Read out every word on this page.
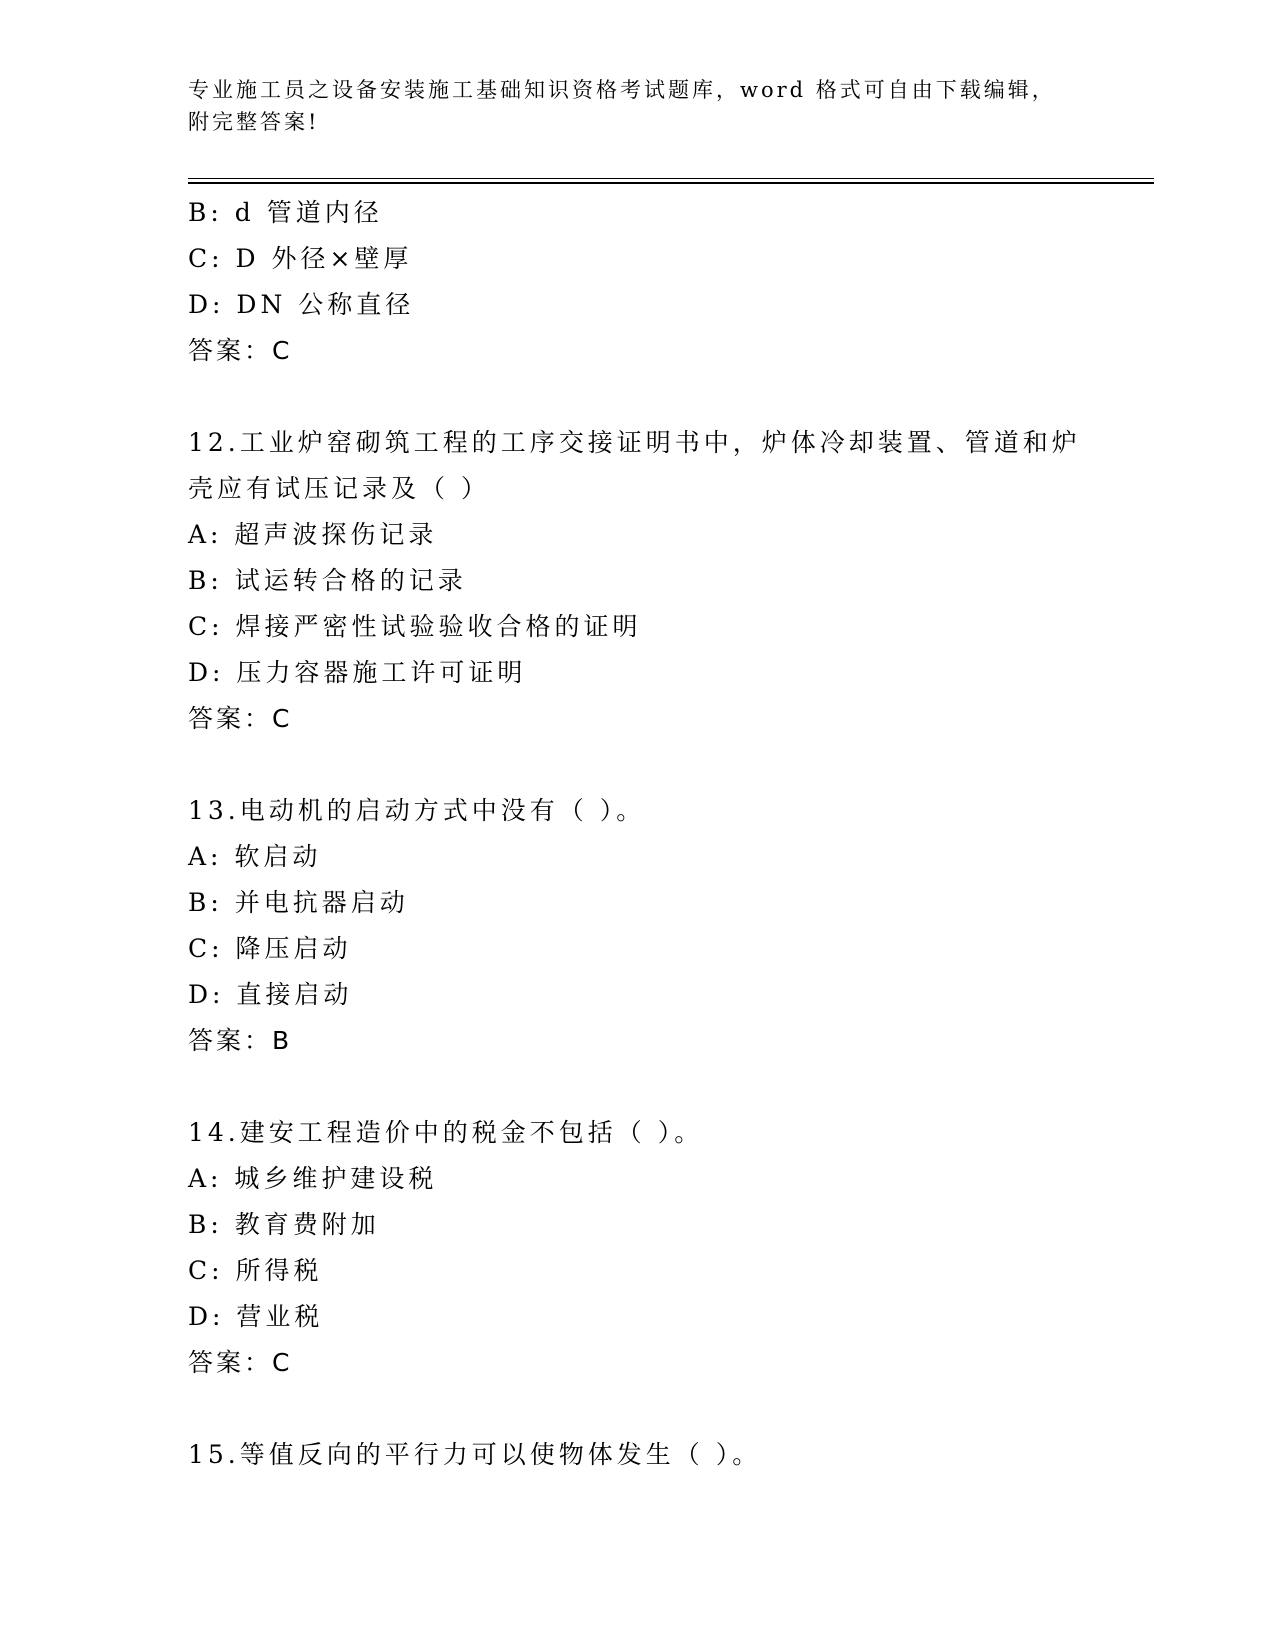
专业施工员之设备安装施工基础知识资格考试题库，word 格式可自由下载编辑，
附完整答案!

B: d 管道内径

C: D 外径×壁厚

D: DN 公称直径

答案：C

12.工业炉窑砌筑工程的工序交接证明书中，炉体冷却装置、管道和炉

壳应有试压记录及（ ）

A: 超声波探伤记录

B: 试运转合格的记录

C: 焊接严密性试验验收合格的证明

D: 压力容器施工许可证明

答案：C

13.电动机的启动方式中没有（ ）。

A: 软启动

B: 并电抗器启动

C: 降压启动

D: 直接启动

答案：B

14.建安工程造价中的税金不包括（ ）。

A: 城乡维护建设税

B: 教育费附加

C: 所得税

D: 营业税

答案：C

15.等值反向的平行力可以使物体发生（ ）。
